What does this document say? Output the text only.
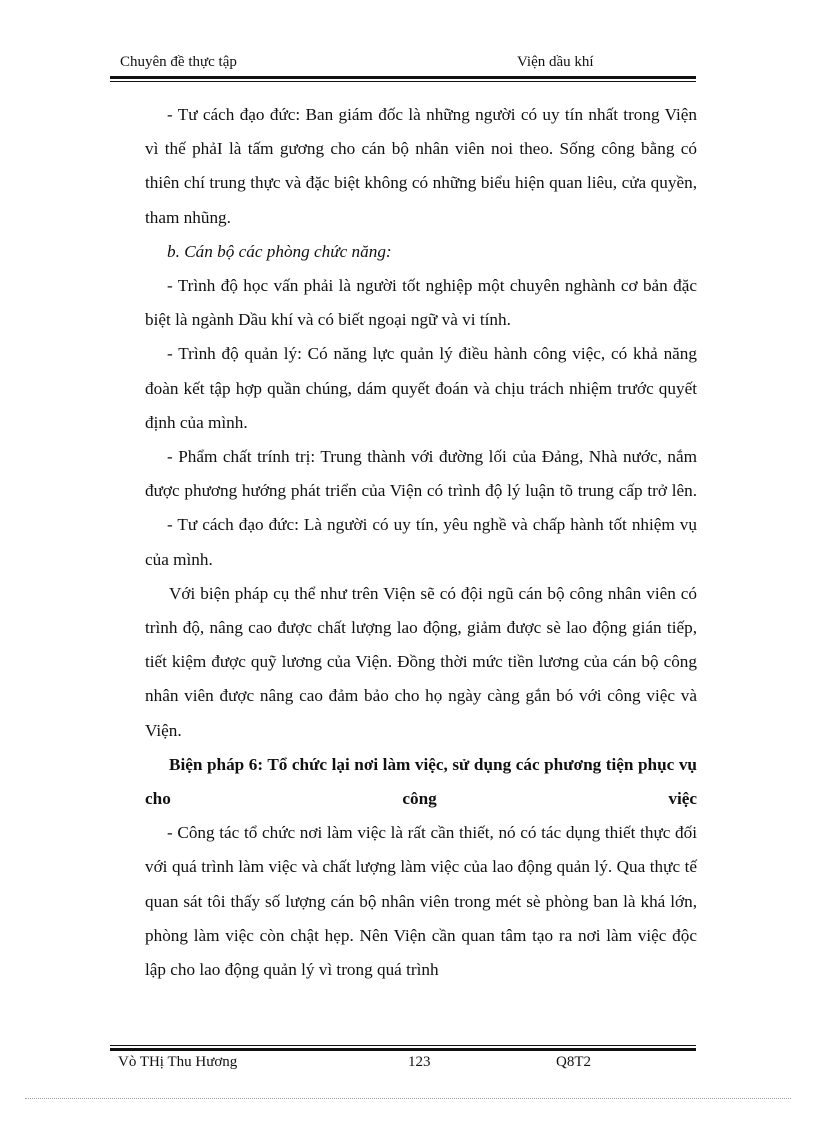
Chuyên đề thực tập	Viện dầu khí

- Tư cách đạo đức: Ban giám đốc là những người có uy tín nhất trong Viện vì thế phảI là tấm gương cho cán bộ nhân viên noi theo. Sống công bằng có thiên chí trung thực và đặc biệt không có những biểu hiện quan liêu, cửa quyền, tham nhũng.

b. Cán bộ các phòng chức năng:

- Trình độ học vấn phải là người tốt nghiệp một chuyên nghành cơ bản đặc biệt là ngành Dầu khí và có biết ngoại ngữ và vi tính.

- Trình độ quản lý: Có năng lực quản lý điều hành công việc, có khả năng đoàn kết tập hợp quần chúng, dám quyết đoán và chịu trách nhiệm trước quyết định của mình.

- Phẩm chất trính trị: Trung thành với đường lối của Đảng, Nhà nước, nắm được phương hướng phát triển của Viện có trình độ lý luận tõ trung cấp trở lên.

- Tư cách đạo đức: Là người có uy tín, yêu nghề và chấp hành tốt nhiệm vụ của mình.

Với biện pháp cụ thể như trên Viện sẽ có đội ngũ cán bộ công nhân viên có trình độ, nâng cao được chất lượng lao động, giảm được sè lao động gián tiếp, tiết kiệm được quỹ lương của Viện. Đồng thời mức tiền lương của cán bộ công nhân viên được nâng cao đảm bảo cho họ ngày càng gắn bó với công việc và Viện.

Biện pháp 6: Tổ chức lại nơi làm việc, sử dụng các phương tiện phục vụ cho công việc

- Công tác tổ chức nơi làm việc là rất cần thiết, nó có tác dụng thiết thực đối với quá trình làm việc và chất lượng làm việc của lao động quản lý. Qua thực tế quan sát tôi thấy số lượng cán bộ nhân viên trong mét sè phòng ban là khá lớn, phòng làm việc còn chật hẹp. Nên Viện cần quan tâm tạo ra nơi làm việc độc lập cho lao động quản lý vì trong quá trình

Vò THị Thu Hương	123	Q8T2
